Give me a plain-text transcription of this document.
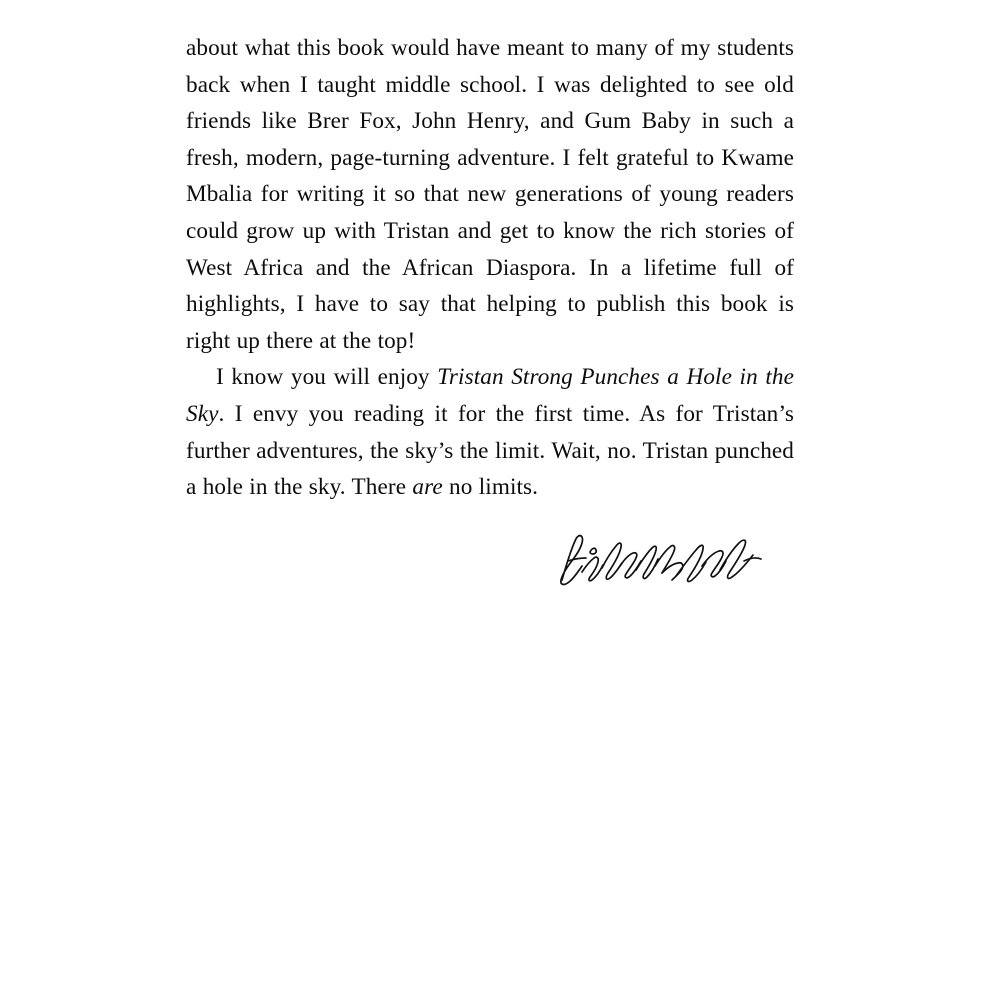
about what this book would have meant to many of my students back when I taught middle school. I was delighted to see old friends like Brer Fox, John Henry, and Gum Baby in such a fresh, modern, page-turning adventure. I felt grateful to Kwame Mbalia for writing it so that new generations of young readers could grow up with Tristan and get to know the rich stories of West Africa and the African Diaspora. In a lifetime full of highlights, I have to say that helping to publish this book is right up there at the top!

I know you will enjoy Tristan Strong Punches a Hole in the Sky. I envy you reading it for the first time. As for Tristan’s further adventures, the sky’s the limit. Wait, no. Tristan punched a hole in the sky. There are no limits.
